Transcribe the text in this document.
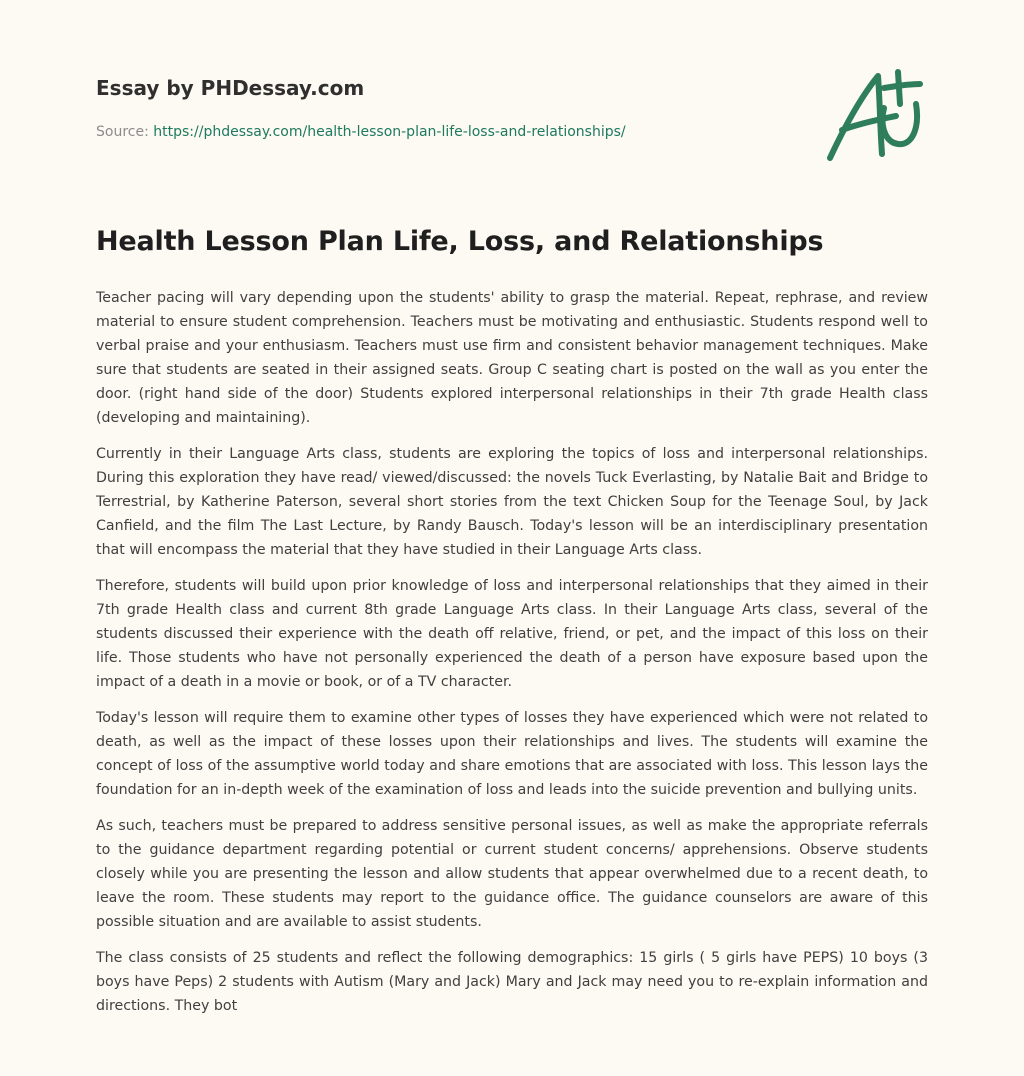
Essay by PHDessay.com
Source: https://phdessay.com/health-lesson-plan-life-loss-and-relationships/
Health Lesson Plan Life, Loss, and Relationships

Teacher pacing will vary depending upon the students' ability to grasp the material. Repeat, rephrase, and review material to ensure student comprehension. Teachers must be motivating and enthusiastic. Students respond well to verbal praise and your enthusiasm. Teachers must use firm and consistent behavior management techniques. Make sure that students are seated in their assigned seats. Group C seating chart is posted on the wall as you enter the door. (right hand side of the door) Students explored interpersonal relationships in their 7th grade Health class (developing and maintaining).

Currently in their Language Arts class, students are exploring the topics of loss and interpersonal relationships. During this exploration they have read/ viewed/discussed: the novels Tuck Everlasting, by Natalie Bait and Bridge to Terrestrial, by Katherine Paterson, several short stories from the text Chicken Soup for the Teenage Soul, by Jack Canfield, and the film The Last Lecture, by Randy Bausch. Today's lesson will be an interdisciplinary presentation that will encompass the material that they have studied in their Language Arts class.

Therefore, students will build upon prior knowledge of loss and interpersonal relationships that they aimed in their 7th grade Health class and current 8th grade Language Arts class. In their Language Arts class, several of the students discussed their experience with the death off relative, friend, or pet, and the impact of this loss on their life. Those students who have not personally experienced the death of a person have exposure based upon the impact of a death in a movie or book, or of a TV character.

Today's lesson will require them to examine other types of losses they have experienced which were not related to death, as well as the impact of these losses upon their relationships and lives. The students will examine the concept of loss of the assumptive world today and share emotions that are associated with loss. This lesson lays the foundation for an in-depth week of the examination of loss and leads into the suicide prevention and bullying units.

As such, teachers must be prepared to address sensitive personal issues, as well as make the appropriate referrals to the guidance department regarding potential or current student concerns/ apprehensions. Observe students closely while you are presenting the lesson and allow students that appear overwhelmed due to a recent death, to leave the room. These students may report to the guidance office. The guidance counselors are aware of this possible situation and are available to assist students.

The class consists of 25 students and reflect the following demographics: 15 girls ( 5 girls have PEPS) 10 boys (3 boys have Peps) 2 students with Autism (Mary and Jack) Mary and Jack may need you to re-explain information and directions. They bot
